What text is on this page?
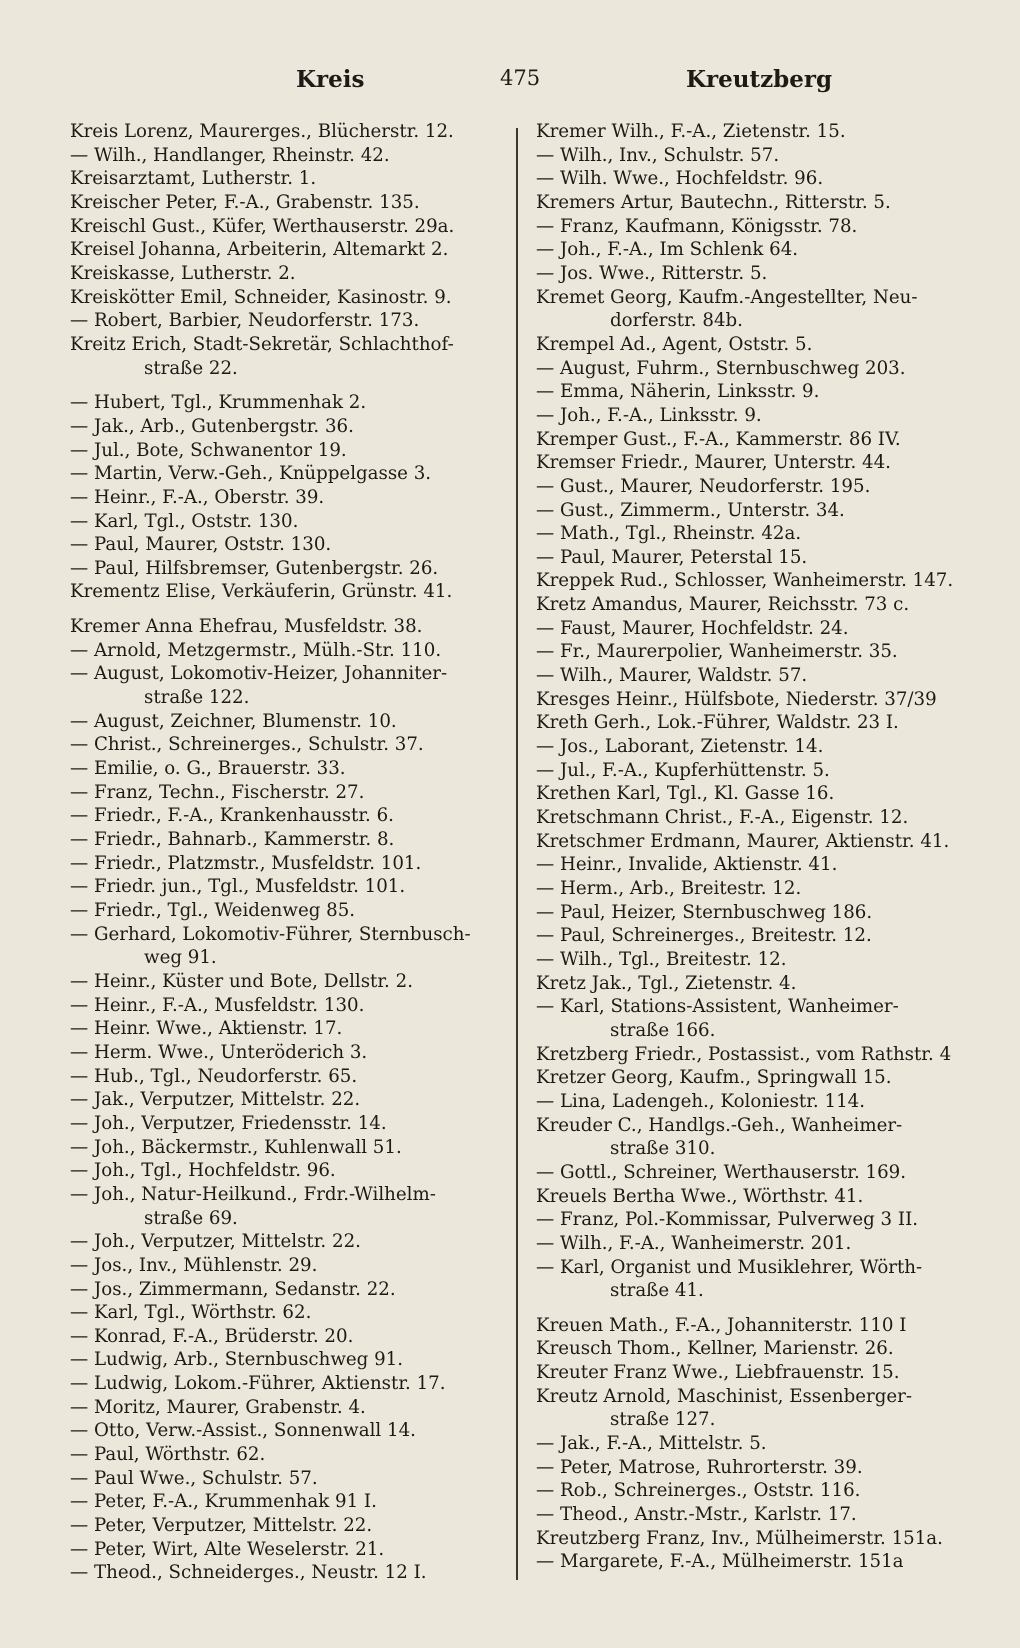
Kreis	475	Kreutzberg
Kreis Lorenz, Maurerges., Blücherstr. 12.
— Wilh., Handlanger, Rheinstr. 42.
Kreisarztamt, Lutherstr. 1.
Kreischer Peter, F.-A., Grabenstr. 135.
Kreischl Gust., Küfer, Werthauserstr. 29a.
Kreisel Johanna, Arbeiterin, Altemarkt 2.
Kreiskasse, Lutherstr. 2.
Kreiskötter Emil, Schneider, Kasinostr. 9.
— Robert, Barbier, Neudorferstr. 173.
Kreitz Erich, Stadt-Sekretär, Schlachthof-
straße 22.
— Hubert, Tgl., Krummenhak 2.
— Jak., Arb., Gutenbergstr. 36.
— Jul., Bote, Schwanentor 19.
— Martin, Verw.-Geh., Knüppelgasse 3.
— Heinr., F.-A., Oberstr. 39.
— Karl, Tgl., Oststr. 130.
— Paul, Maurer, Oststr. 130.
— Paul, Hilfsbremser, Gutenbergstr. 26.
Krementz Elise, Verkäuferin, Grünstr. 41.
Kremer Anna Ehefrau, Musfeldstr. 38.
— Arnold, Metzgermstr., Mülh.-Str. 110.
— August, Lokomotiv-Heizer, Johanniter-
straße 122.
— August, Zeichner, Blumenstr. 10.
— Christ., Schreinerges., Schulstr. 37.
— Emilie, o. G., Brauerstr. 33.
— Franz, Techn., Fischerstr. 27.
— Friedr., F.-A., Krankenhausstr. 6.
— Friedr., Bahnarb., Kammerstr. 8.
— Friedr., Platzmstr., Musfeldstr. 101.
— Friedr. jun., Tgl., Musfeldstr. 101.
— Friedr., Tgl., Weidenweg 85.
— Gerhard, Lokomotiv-Führer, Sternbusch-
weg 91.
— Heinr., Küster und Bote, Dellstr. 2.
— Heinr., F.-A., Musfeldstr. 130.
— Heinr. Wwe., Aktienstr. 17.
— Herm. Wwe., Unteröderich 3.
— Hub., Tgl., Neudorferstr. 65.
— Jak., Verputzer, Mittelstr. 22.
— Joh., Verputzer, Friedensstr. 14.
— Joh., Bäckermstr., Kuhlenwall 51.
— Joh., Tgl., Hochfeldstr. 96.
— Joh., Natur-Heilkund., Frdr.-Wilhelm-
straße 69.
— Joh., Verputzer, Mittelstr. 22.
— Jos., Inv., Mühlenstr. 29.
— Jos., Zimmermann, Sedanstr. 22.
— Karl, Tgl., Wörthstr. 62.
— Konrad, F.-A., Brüderstr. 20.
— Ludwig, Arb., Sternbuschweg 91.
— Ludwig, Lokom.-Führer, Aktienstr. 17.
— Moritz, Maurer, Grabenstr. 4.
— Otto, Verw.-Assist., Sonnenwall 14.
— Paul, Wörthstr. 62.
— Paul Wwe., Schulstr. 57.
— Peter, F.-A., Krummenhak 91 I.
— Peter, Verputzer, Mittelstr. 22.
— Peter, Wirt, Alte Weselerstr. 21.
— Theod., Schneiderges., Neustr. 12 I.
Kremer Wilh., F.-A., Zietenstr. 15.
— Wilh., Inv., Schulstr. 57.
— Wilh. Wwe., Hochfeldstr. 96.
Kremers Artur, Bautechn., Ritterstr. 5.
— Franz, Kaufmann, Königsstr. 78.
— Joh., F.-A., Im Schlenk 64.
— Jos. Wwe., Ritterstr. 5.
Kremet Georg, Kaufm.-Angestellter, Neu-
dorferstr. 84b.
Krempel Ad., Agent, Oststr. 5.
— August, Fuhrm., Sternbuschweg 203.
— Emma, Näherin, Linksstr. 9.
— Joh., F.-A., Linksstr. 9.
Kremper Gust., F.-A., Kammerstr. 86 IV.
Kremser Friedr., Maurer, Unterstr. 44.
— Gust., Maurer, Neudorferstr. 195.
— Gust., Zimmerm., Unterstr. 34.
— Math., Tgl., Rheinstr. 42a.
— Paul, Maurer, Peterstal 15.
Kreppek Rud., Schlosser, Wanheimerstr. 147.
Kretz Amandus, Maurer, Reichsstr. 73 c.
— Faust, Maurer, Hochfeldstr. 24.
— Fr., Maurerpolier, Wanheimerstr. 35.
— Wilh., Maurer, Waldstr. 57.
Kresges Heinr., Hülfsbote, Niederstr. 37/39
Kreth Gerh., Lok.-Führer, Waldstr. 23 I.
— Jos., Laborant, Zietenstr. 14.
— Jul., F.-A., Kupferhüttenstr. 5.
Krethen Karl, Tgl., Kl. Gasse 16.
Kretschmann Christ., F.-A., Eigenstr. 12.
Kretschmer Erdmann, Maurer, Aktienstr. 41.
— Heinr., Invalide, Aktienstr. 41.
— Herm., Arb., Breitestr. 12.
— Paul, Heizer, Sternbuschweg 186.
— Paul, Schreinerges., Breitestr. 12.
— Wilh., Tgl., Breitestr. 12.
Kretz Jak., Tgl., Zietenstr. 4.
— Karl, Stations-Assistent, Wanheimer-
straße 166.
Kretzberg Friedr., Postassist., vom Rathstr. 4
Kretzer Georg, Kaufm., Springwall 15.
— Lina, Ladengeh., Koloniestr. 114.
Kreuder C., Handlgs.-Geh., Wanheimer-
straße 310.
— Gottl., Schreiner, Werthauserstr. 169.
Kreuels Bertha Wwe., Wörthstr. 41.
— Franz, Pol.-Kommissar, Pulverweg 3 II.
— Wilh., F.-A., Wanheimerstr. 201.
— Karl, Organist und Musiklehrer, Wörth-
straße 41.
Kreuen Math., F.-A., Johanniterstr. 110 I
Kreusch Thom., Kellner, Marienstr. 26.
Kreuter Franz Wwe., Liebfrauenstr. 15.
Kreutz Arnold, Maschinist, Essenberger-
straße 127.
— Jak., F.-A., Mittelstr. 5.
— Peter, Matrose, Ruhrorterstr. 39.
— Rob., Schreinerges., Oststr. 116.
— Theod., Anstr.-Mstr., Karlstr. 17.
Kreutzberg Franz, Inv., Mülheimerstr. 151a.
— Margarete, F.-A., Mülheimerstr. 151a
